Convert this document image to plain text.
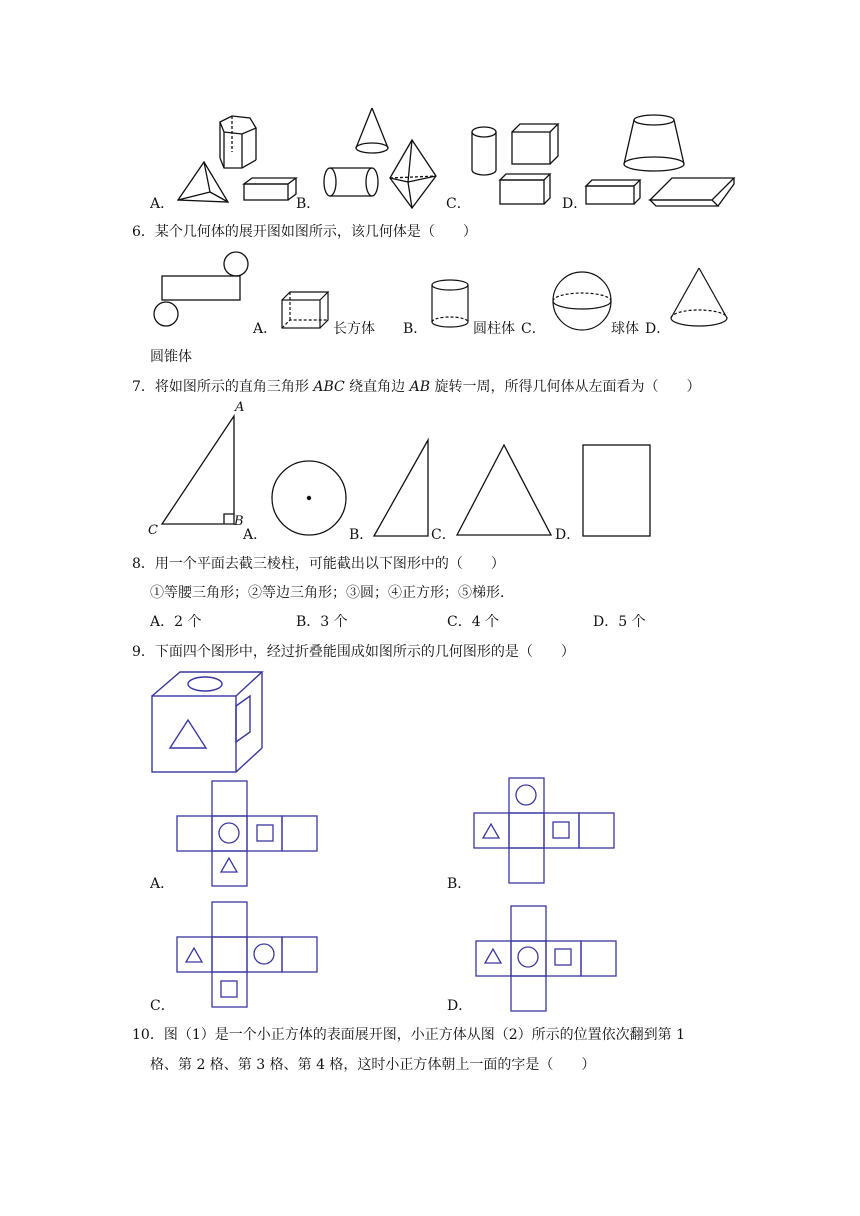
A．	B．	C．	D．
6．某个几何体的展开图如图所示，该几何体是（　　）
A．	长方体 B．	圆柱体 C．	球体 D．
圆锥体
7．将如图所示的直角三角形 ABC 绕直角边 AB 旋转一周，所得几何体从左面看为（　　）
A
B
C	A．	B．	C．	D．
8．用一个平面去截三棱柱，可能截出以下图形中的（　　）
①等腰三角形；②等边三角形；③圆；④正方形；⑤梯形．
A．2 个	B．3 个	C．4 个	D．5 个
9．下面四个图形中，经过折叠能围成如图所示的几何图形的是（　　）
A．	B．
C．	D．
10．图（1）是一个小正方体的表面展开图，小正方体从图（2）所示的位置依次翻到第 1
格、第 2 格、第 3 格、第 4 格，这时小正方体朝上一面的字是（　　）
